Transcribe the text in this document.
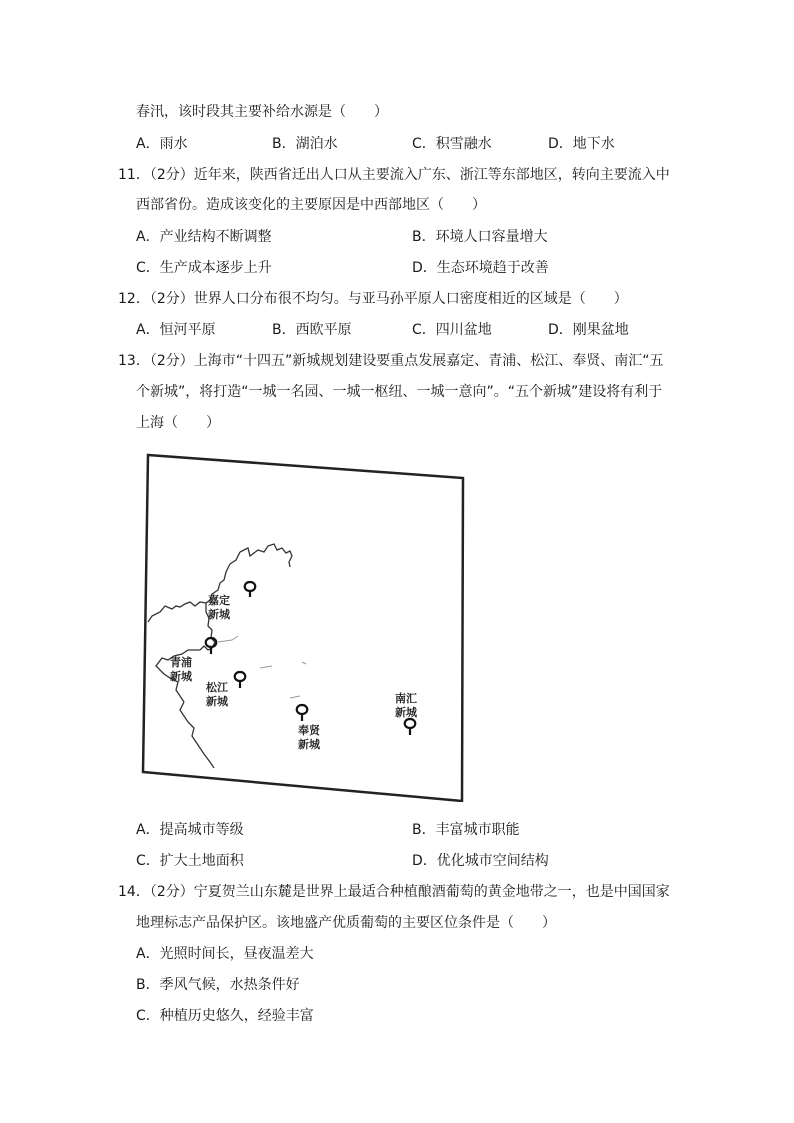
春汛，该时段其主要补给水源是（　　）
A．雨水	B．湖泊水	C．积雪融水	D．地下水
11．（2分）近年来，陕西省迁出人口从主要流入广东、浙江等东部地区，转向主要流入中
西部省份。造成该变化的主要原因是中西部地区（　　）
A．产业结构不断调整	B．环境人口容量增大
C．生产成本逐步上升	D．生态环境趋于改善
12．（2分）世界人口分布很不均匀。与亚马孙平原人口密度相近的区域是（　　）
A．恒河平原	B．西欧平原	C．四川盆地	D．刚果盆地
13．（2分）上海市“十四五”新城规划建设要重点发展嘉定、青浦、松江、奉贤、南汇“五
个新城”，将打造“一城一名园、一城一枢纽、一城一意向”。“五个新城”建设将有利于
上海（　　）
嘉定
新城
青浦
新城
松江
新城
奉贤
新城
南汇
新城
A．提高城市等级	B．丰富城市职能
C．扩大土地面积	D．优化城市空间结构
14．（2分）宁夏贺兰山东麓是世界上最适合种植酿酒葡萄的黄金地带之一，也是中国国家
地理标志产品保护区。该地盛产优质葡萄的主要区位条件是（　　）
A．光照时间长，昼夜温差大
B．季风气候，水热条件好
C．种植历史悠久，经验丰富
